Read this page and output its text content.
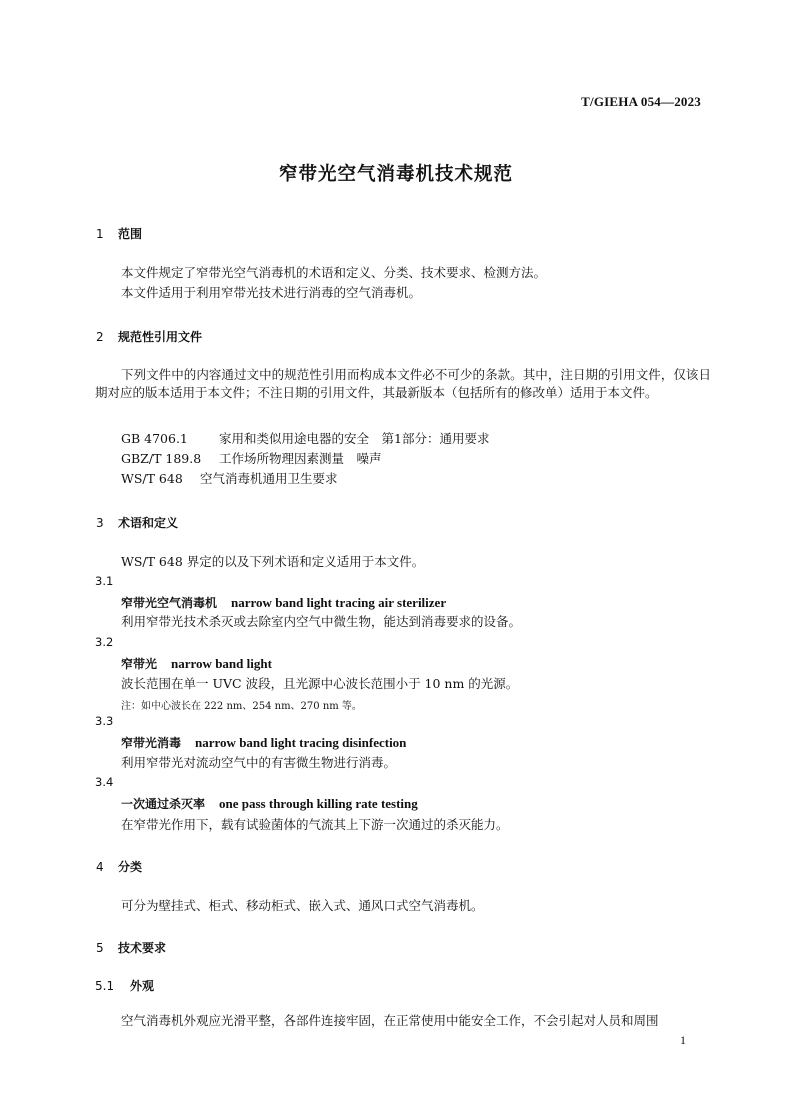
T/GIEHA 054—2023
窄带光空气消毒机技术规范
1 范围
本文件规定了窄带光空气消毒机的术语和定义、分类、技术要求、检测方法。
本文件适用于利用窄带光技术进行消毒的空气消毒机。
2 规范性引用文件
下列文件中的内容通过文中的规范性引用而构成本文件必不可少的条款。其中，注日期的引用文件，仅该日期对应的版本适用于本文件；不注日期的引用文件，其最新版本（包括所有的修改单）适用于本文件。
GB 4706.1 家用和类似用途电器的安全　第1部分：通用要求
GBZ/T 189.8 工作场所物理因素测量　噪声
WS/T 648 空气消毒机通用卫生要求
3 术语和定义
WS/T 648 界定的以及下列术语和定义适用于本文件。
3.1
窄带光空气消毒机 narrow band light tracing air sterilizer
利用窄带光技术杀灭或去除室内空气中微生物，能达到消毒要求的设备。
3.2
窄带光 narrow band light
波长范围在单一 UVC 波段，且光源中心波长范围小于 10 nm 的光源。
注：如中心波长在 222 nm、254 nm、270 nm 等。
3.3
窄带光消毒 narrow band light tracing disinfection
利用窄带光对流动空气中的有害微生物进行消毒。
3.4
一次通过杀灭率 one pass through killing rate testing
在窄带光作用下，载有试验菌体的气流其上下游一次通过的杀灭能力。
4 分类
可分为壁挂式、柜式、移动柜式、嵌入式、通风口式空气消毒机。
5 技术要求
5.1 外观
空气消毒机外观应光滑平整，各部件连接牢固，在正常使用中能安全工作，不会引起对人员和周围
1
